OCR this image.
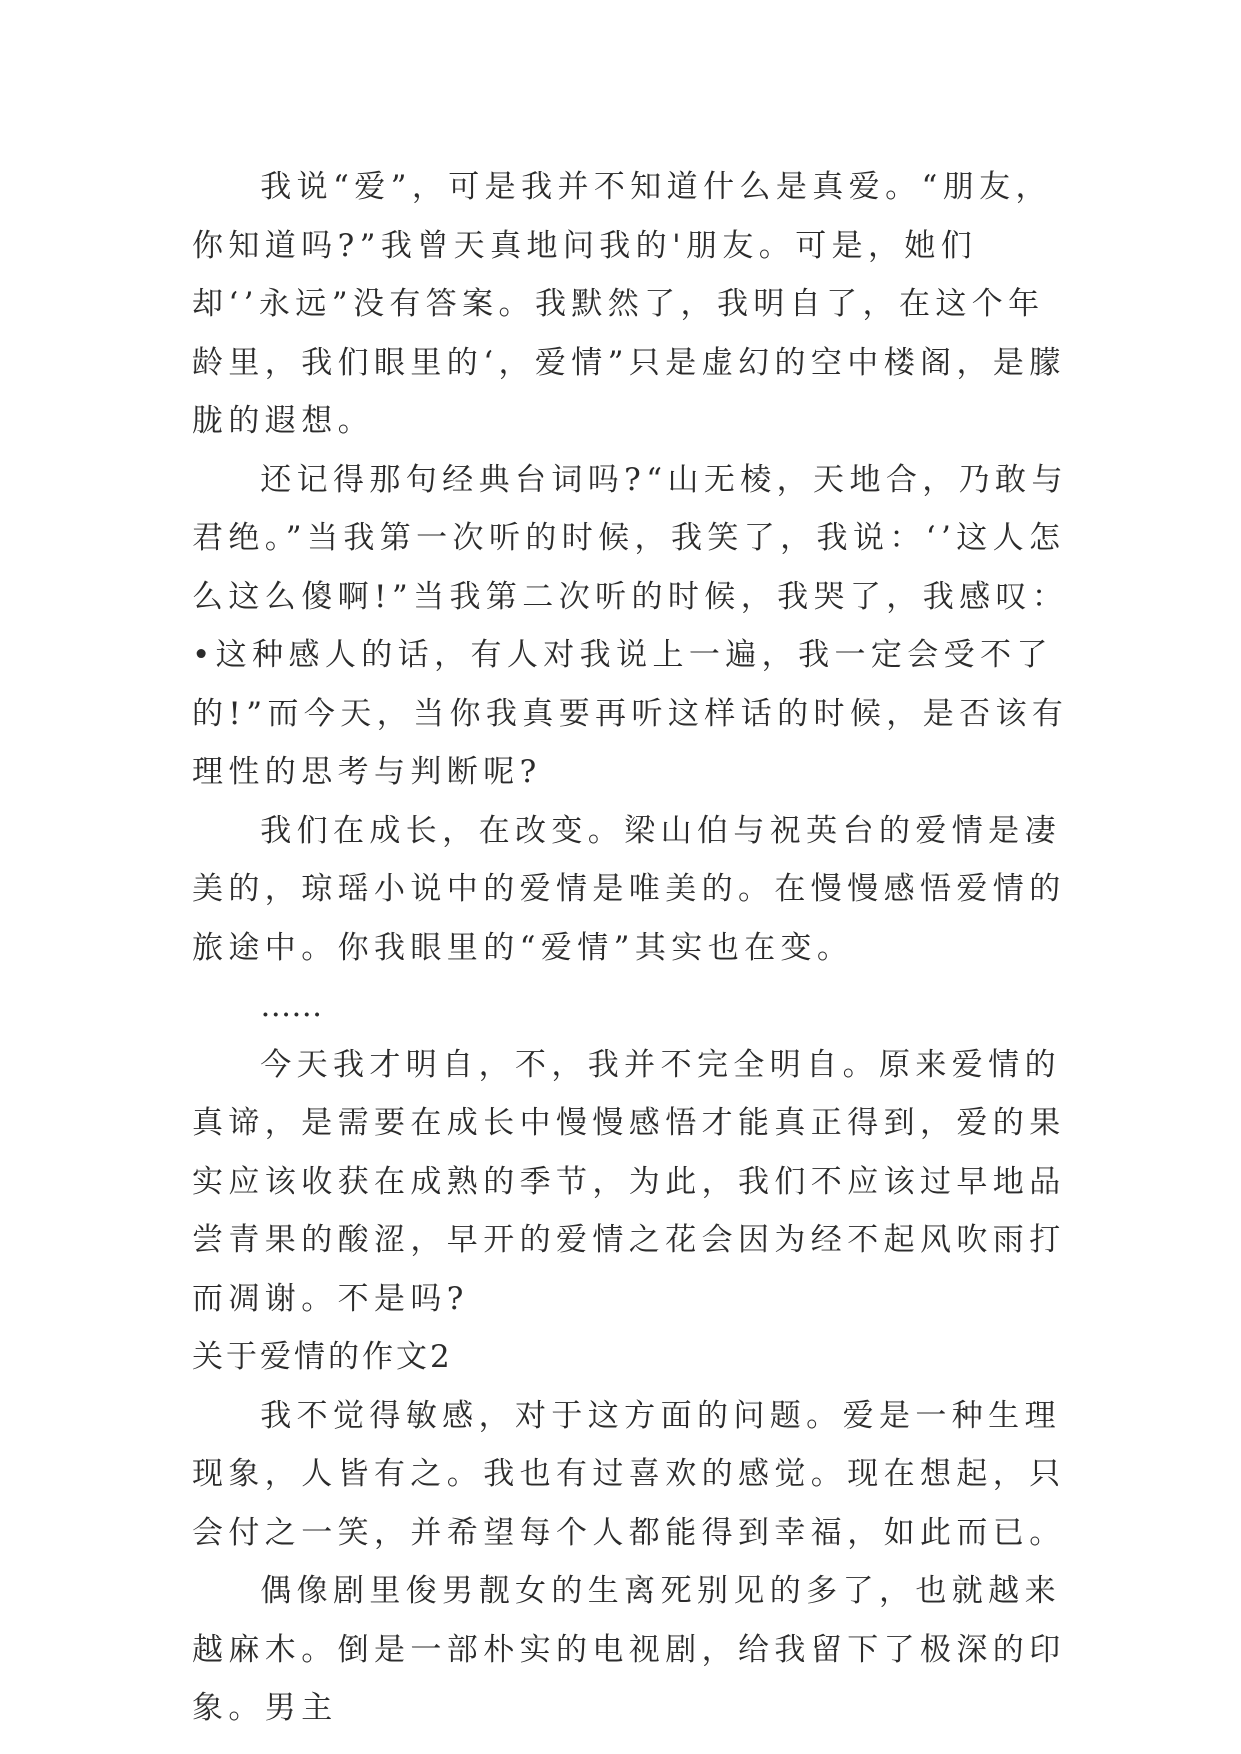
我说“爱”，可是我并不知道什么是真爱。“朋友，你知道吗?”我曾天真地问我的'朋友。可是，她们却‘’永远”没有答案。我默然了，我明自了，在这个年龄里，我们眼里的‘，爱情”只是虚幻的空中楼阁，是朦胧的遐想。

还记得那句经典台词吗?“山无棱，天地合，乃敢与君绝。”当我第一次听的时候，我笑了，我说：‘’这人怎么这么傻啊!”当我第二次听的时候，我哭了，我感叹：•这种感人的话，有人对我说上一遍，我一定会受不了的!”而今天，当你我真要再听这样话的时候，是否该有理性的思考与判断呢?

我们在成长，在改变。梁山伯与祝英台的爱情是凄美的，琼瑶小说中的爱情是唯美的。在慢慢感悟爱情的旅途中。你我眼里的“爱情”其实也在变。

……

今天我才明自，不，我并不完全明自。原来爱情的真谛，是需要在成长中慢慢感悟才能真正得到，爱的果实应该收获在成熟的季节，为此，我们不应该过早地品尝青果的酸涩，早开的爱情之花会因为经不起风吹雨打而凋谢。不是吗?

关于爱情的作文2

我不觉得敏感，对于这方面的问题。爱是一种生理现象，人皆有之。我也有过喜欢的感觉。现在想起，只会付之一笑，并希望每个人都能得到幸福，如此而已。

偶像剧里俊男靓女的生离死别见的多了，也就越来越麻木。倒是一部朴实的电视剧，给我留下了极深的印象。男主
